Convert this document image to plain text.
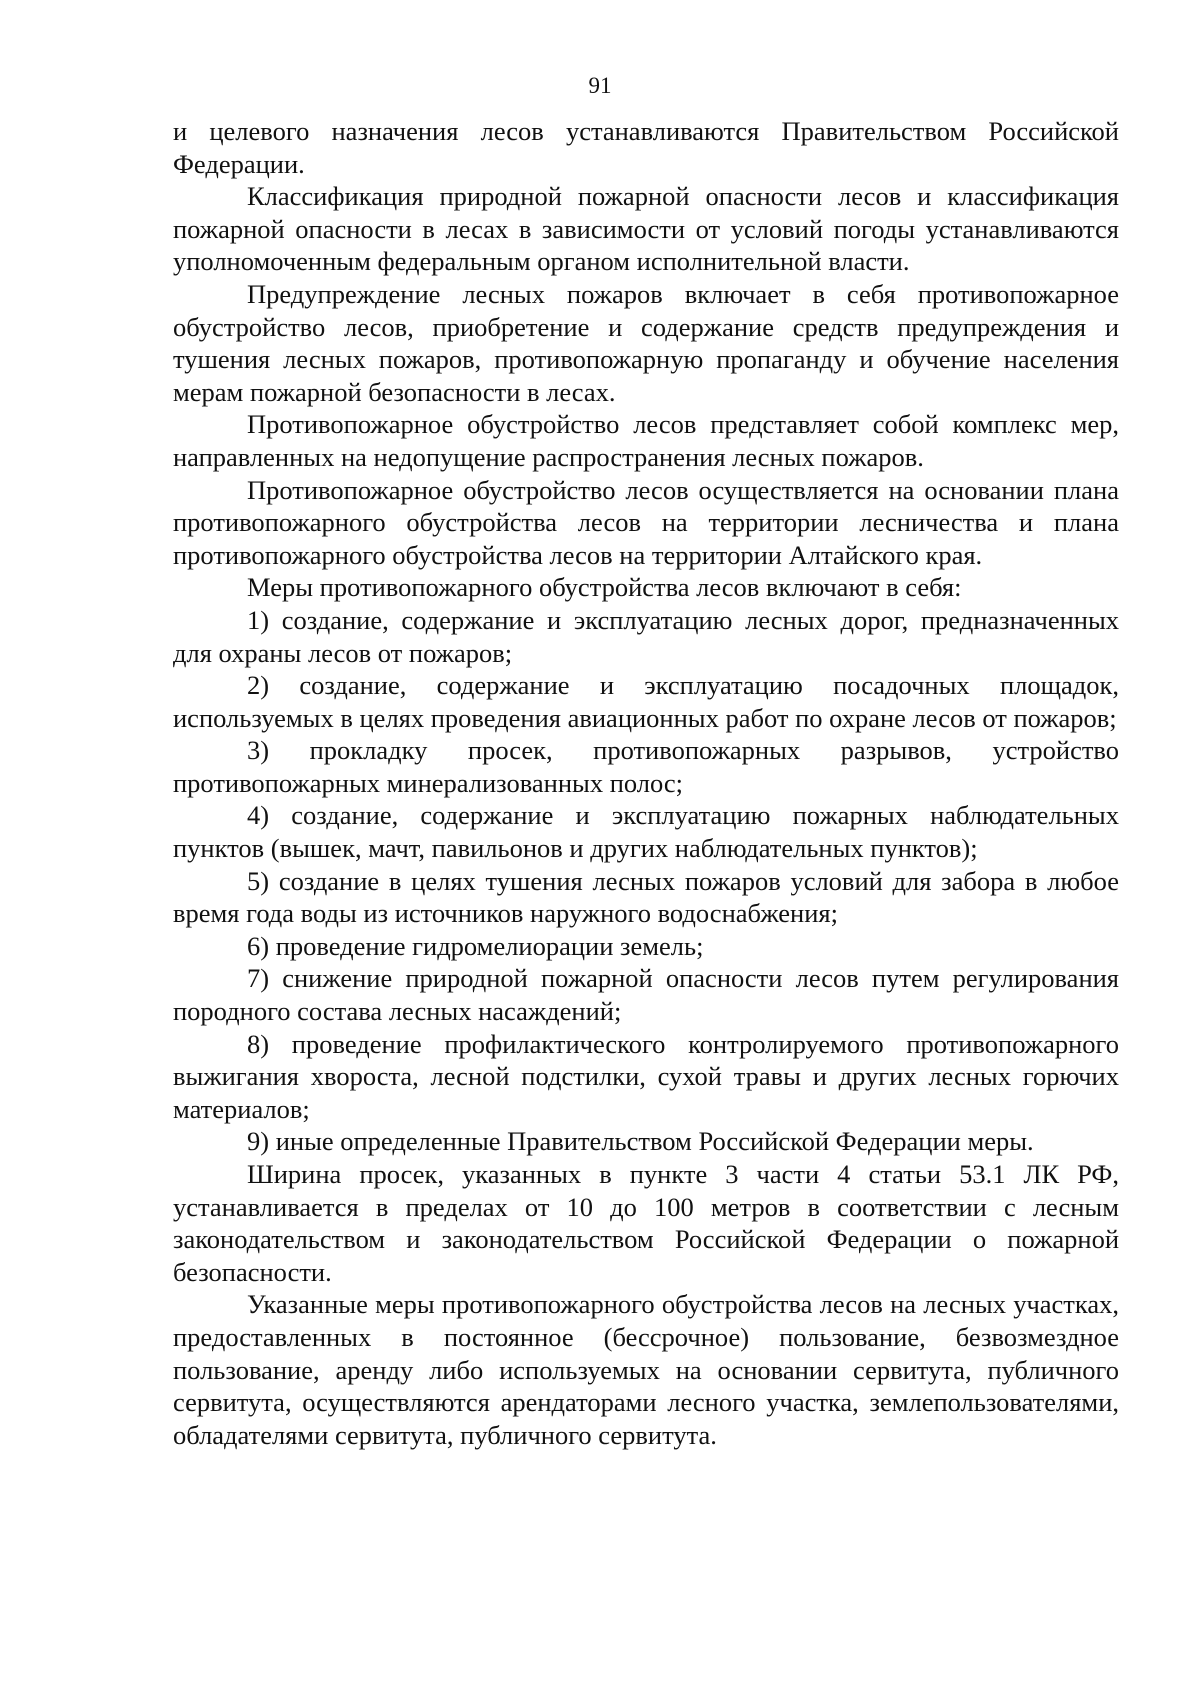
91

и целевого назначения лесов устанавливаются Правительством Российской Федерации.

Классификация природной пожарной опасности лесов и классификация пожарной опасности в лесах в зависимости от условий погоды устанавливаются уполномоченным федеральным органом исполнительной власти.

Предупреждение лесных пожаров включает в себя противопожарное обустройство лесов, приобретение и содержание средств предупреждения и тушения лесных пожаров, противопожарную пропаганду и обучение населения мерам пожарной безопасности в лесах.

Противопожарное обустройство лесов представляет собой комплекс мер, направленных на недопущение распространения лесных пожаров.

Противопожарное обустройство лесов осуществляется на основании плана противопожарного обустройства лесов на территории лесничества и плана противопожарного обустройства лесов на территории Алтайского края.

Меры противопожарного обустройства лесов включают в себя:

1) создание, содержание и эксплуатацию лесных дорог, предназначенных для охраны лесов от пожаров;

2) создание, содержание и эксплуатацию посадочных площадок, используемых в целях проведения авиационных работ по охране лесов от пожаров;

3) прокладку просек, противопожарных разрывов, устройство противопожарных минерализованных полос;

4) создание, содержание и эксплуатацию пожарных наблюдательных пунктов (вышек, мачт, павильонов и других наблюдательных пунктов);

5) создание в целях тушения лесных пожаров условий для забора в любое время года воды из источников наружного водоснабжения;

6) проведение гидромелиорации земель;

7) снижение природной пожарной опасности лесов путем регулирования породного состава лесных насаждений;

8) проведение профилактического контролируемого противопожарного выжигания хвороста, лесной подстилки, сухой травы и других лесных горючих материалов;

9) иные определенные Правительством Российской Федерации меры.

Ширина просек, указанных в пункте 3 части 4 статьи 53.1 ЛК РФ, устанавливается в пределах от 10 до 100 метров в соответствии с лесным законодательством и законодательством Российской Федерации о пожарной безопасности.

Указанные меры противопожарного обустройства лесов на лесных участках, предоставленных в постоянное (бессрочное) пользование, безвозмездное пользование, аренду либо используемых на основании сервитута, публичного сервитута, осуществляются арендаторами лесного участка, землепользователями, обладателями сервитута, публичного сервитута.
